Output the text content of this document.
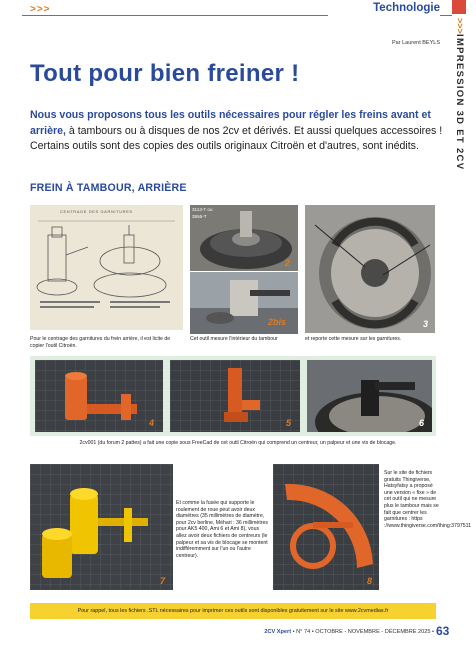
>>>	Technologie
>>>
IMPRESSION 3D ET 2CV
Par Laurent BEYLS
Tout pour bien freiner !

Nous vous proposons tous les outils nécessaires pour régler les freins avant et arrière, à tambours ou à disques de nos 2cv et dérivés. Et aussi quelques accessoires ! Certains outils sont des copies des outils originaux Citroën et d'autres, sont inédits.

FREIN À TAMBOUR, ARRIÈRE
CENTRAGE DES GARNITURES
Pour le centrage des garnitures du frein arrière, il est licite de copier l'outil Citroën.
3113-T ou 3555-T
2
2bis
Cet outil mesure l'intérieur du tambour
3
et reporte cette mesure sur les garnitures.
4	5	6
2cv001 (du forum 2 pattes) a fait une copie sous FreeCad de cet outil Citroën qui comprend un centreur, un palpeur et une vis de blocage.
7
Et comme la fusée qui supporte le roulement de roue peut avoir deux diamètres (35 millimètres de diamètre, pour 2cv berline, Méhari : 36 millimètres pour AK5 400, Ami 6 et Ami 8), vous allez avoir deux fichiers de centreurs (le palpeur et sa vis de blocage se montent indifféremment sur l'un ou l'autre centreur).
8
Sur le site de fichiers gratuits Thingiverse, Hatsyfatsy a proposé une version « fixe » de cet outil qui ne mesure plus le tambour mais se fait que centrer les garnitures : https ://www.thingiverse.com/thing:3797511
Pour rappel, tous les fichiers .STL nécessaires pour imprimer ces outils sont disponibles gratuitement sur le site www.2cvmedias.fr
2CV Xpert • N° 74 • OCTOBRE - NOVEMBRE - DÉCEMBRE 2025 • 63
